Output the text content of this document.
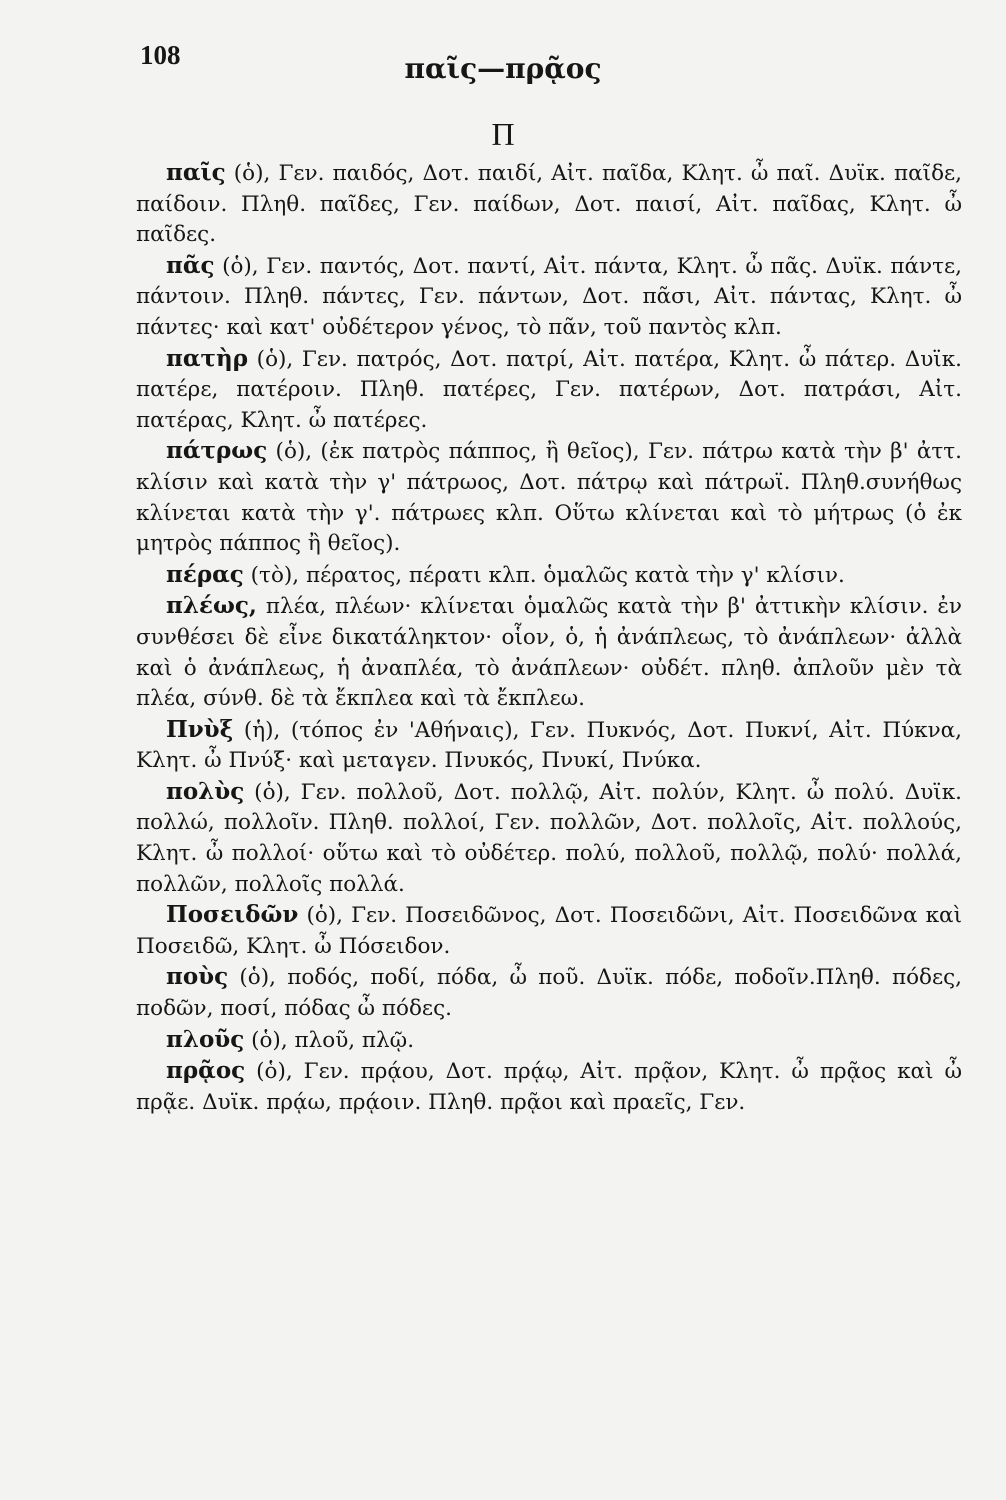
108	παῖς—πρᾷος
Π

παῖς (ὁ), Γεν. παιδός, Δοτ. παιδί, Αἰτ. παῖδα, Κλητ. ὦ παῖ. Δυϊκ. παῖδε, παίδοιν. Πληθ. παῖδες, Γεν. παίδων, Δοτ. παισί, Αἰτ. παῖδας, Κλητ. ὦ παῖδες.

πᾶς (ὁ), Γεν. παντός, Δοτ. παντί, Αἰτ. πάντα, Κλητ. ὦ πᾶς. Δυϊκ. πάντε, πάντοιν. Πληθ. πάντες, Γεν. πάντων, Δοτ. πᾶσι, Αἰτ. πάντας, Κλητ. ὦ πάντες· καὶ κατ' οὐδέτερον γένος, τὸ πᾶν, τοῦ παντὸς κλπ.

πατὴρ (ὁ), Γεν. πατρός, Δοτ. πατρί, Αἰτ. πατέρα, Κλητ. ὦ πάτερ. Δυϊκ. πατέρε, πατέροιν. Πληθ. πατέρες, Γεν. πατέρων, Δοτ. πατράσι, Αἰτ. πατέρας, Κλητ. ὦ πατέρες.

πάτρως (ὁ), (ἐκ πατρὸς πάππος, ἢ θεῖος), Γεν. πάτρω κατὰ τὴν β' ἀττ. κλίσιν καὶ κατὰ τὴν γ' πάτρωος, Δοτ. πάτρῳ καὶ πάτρωϊ. Πληθ.συνήθως κλίνεται κατὰ τὴν γ'. πάτρωες κλπ. Οὕτω κλίνεται καὶ τὸ μήτρως (ὁ ἐκ μητρὸς πάππος ἢ θεῖος).

πέρας (τὸ), πέρατος, πέρατι κλπ. ὁμαλῶς κατὰ τὴν γ' κλίσιν.

πλέως, πλέα, πλέων· κλίνεται ὁμαλῶς κατὰ τὴν β' ἀττικὴν κλίσιν. ἐν συνθέσει δὲ εἶνε δικατάληκτον· οἷον, ὁ, ἡ ἀνάπλεως, τὸ ἀνάπλεων· ἀλλὰ καὶ ὁ ἀνάπλεως, ἡ ἀναπλέα, τὸ ἀνάπλεων· οὐδέτ. πληθ. ἀπλοῦν μὲν τὰ πλέα, σύνθ. δὲ τὰ ἔκπλεα καὶ τὰ ἔκπλεω.

Πνὺξ (ἡ), (τόπος ἐν 'Αθήναις), Γεν. Πυκνός, Δοτ. Πυκνί, Αἰτ. Πύκνα, Κλητ. ὦ Πνύξ· καὶ μεταγεν. Πνυκός, Πνυκί, Πνύκα.

πολὺς (ὁ), Γεν. πολλοῦ, Δοτ. πολλῷ, Αἰτ. πολύν, Κλητ. ὦ πολύ. Δυϊκ. πολλώ, πολλοῖν. Πληθ. πολλοί, Γεν. πολλῶν, Δοτ. πολλοῖς, Αἰτ. πολλούς, Κλητ. ὦ πολλοί· οὕτω καὶ τὸ οὐδέτερ. πολύ, πολλοῦ, πολλῷ, πολύ· πολλά, πολλῶν, πολλοῖς πολλά.

Ποσειδῶν (ὁ), Γεν. Ποσειδῶνος, Δοτ. Ποσειδῶνι, Αἰτ. Ποσειδῶνα καὶ Ποσειδῶ, Κλητ. ὦ Πόσειδον.

ποὺς (ὁ), ποδός, ποδί, πόδα, ὦ ποῦ. Δυϊκ. πόδε, ποδοῖν.Πληθ. πόδες, ποδῶν, ποσί, πόδας ὦ πόδες.

πλοῦς (ὁ), πλοῦ, πλῷ.

πρᾷος (ὁ), Γεν. πρᾴου, Δοτ. πρᾴῳ, Αἰτ. πρᾷον, Κλητ. ὦ πρᾷος καὶ ὦ πρᾷε. Δυϊκ. πρᾴω, πρᾴοιν. Πληθ. πρᾷοι καὶ πραεῖς, Γεν.
